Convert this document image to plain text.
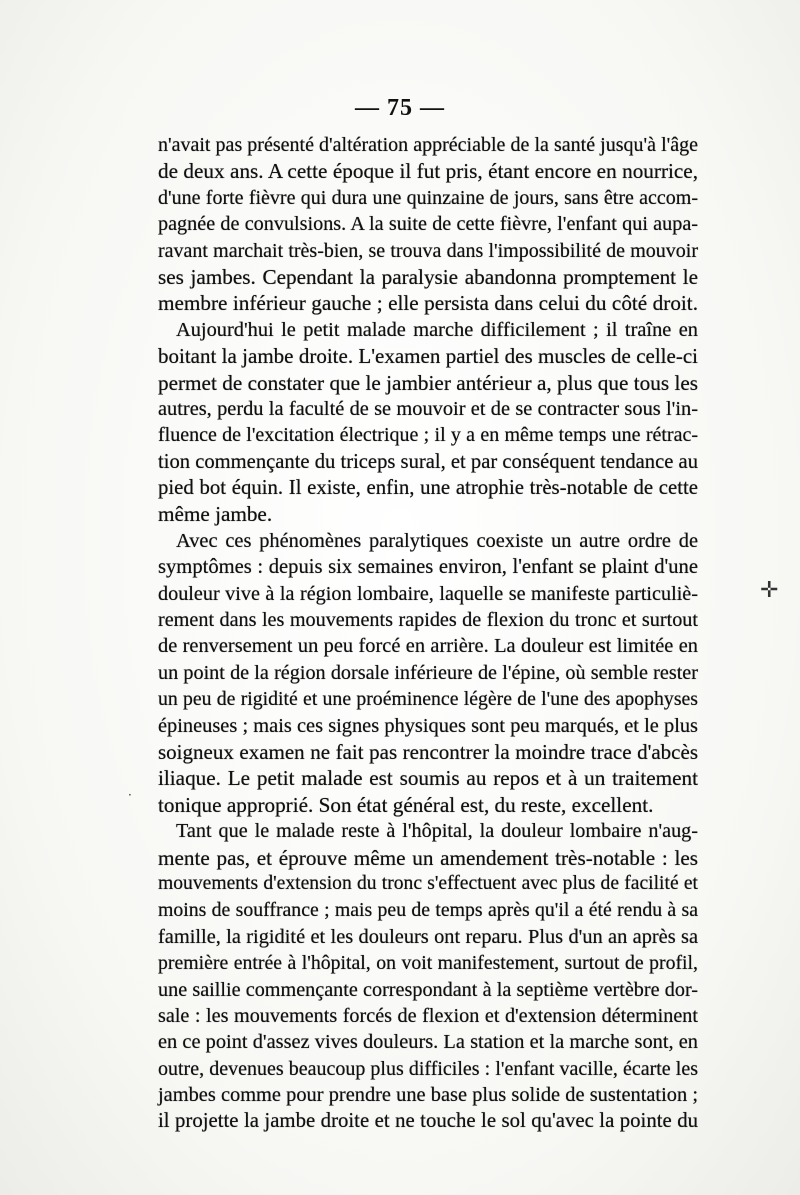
— 75 —
n'avait pas présenté d'altération appréciable de la santé jusqu'à l'âge
de deux ans. A cette époque il fut pris, étant encore en nourrice,
d'une forte fièvre qui dura une quinzaine de jours, sans être accom-
pagnée de convulsions. A la suite de cette fièvre, l'enfant qui aupa-
ravant marchait très-bien, se trouva dans l'impossibilité de mouvoir
ses jambes. Cependant la paralysie abandonna promptement le
membre inférieur gauche ; elle persista dans celui du côté droit.
Aujourd'hui le petit malade marche difficilement ; il traîne en
boitant la jambe droite. L'examen partiel des muscles de celle-ci
permet de constater que le jambier antérieur a, plus que tous les
autres, perdu la faculté de se mouvoir et de se contracter sous l'in-
fluence de l'excitation électrique ; il y a en même temps une rétrac-
tion commençante du triceps sural, et par conséquent tendance au
pied bot équin. Il existe, enfin, une atrophie très-notable de cette
même jambe.
Avec ces phénomènes paralytiques coexiste un autre ordre de
symptômes : depuis six semaines environ, l'enfant se plaint d'une
douleur vive à la région lombaire, laquelle se manifeste particuliè-
rement dans les mouvements rapides de flexion du tronc et surtout
de renversement un peu forcé en arrière. La douleur est limitée en
un point de la région dorsale inférieure de l'épine, où semble rester
un peu de rigidité et une proéminence légère de l'une des apophyses
épineuses ; mais ces signes physiques sont peu marqués, et le plus
soigneux examen ne fait pas rencontrer la moindre trace d'abcès
iliaque. Le petit malade est soumis au repos et à un traitement
tonique approprié. Son état général est, du reste, excellent.
Tant que le malade reste à l'hôpital, la douleur lombaire n'aug-
mente pas, et éprouve même un amendement très-notable : les
mouvements d'extension du tronc s'effectuent avec plus de facilité et
moins de souffrance ; mais peu de temps après qu'il a été rendu à sa
famille, la rigidité et les douleurs ont reparu. Plus d'un an après sa
première entrée à l'hôpital, on voit manifestement, surtout de profil,
une saillie commençante correspondant à la septième vertèbre dor-
sale : les mouvements forcés de flexion et d'extension déterminent
en ce point d'assez vives douleurs. La station et la marche sont, en
outre, devenues beaucoup plus difficiles : l'enfant vacille, écarte les
jambes comme pour prendre une base plus solide de sustentation ;
il projette la jambe droite et ne touche le sol qu'avec la pointe du
✛
·
